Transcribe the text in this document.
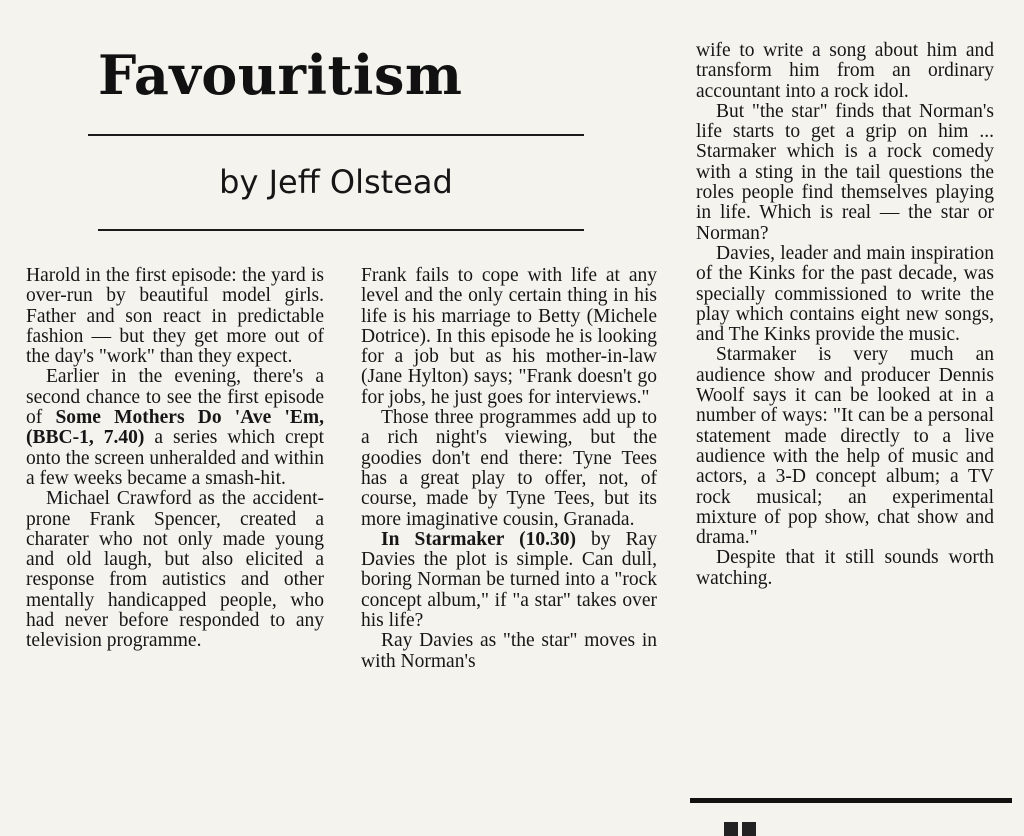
Favouritism
by Jeff Olstead

Harold in the first episode: the yard is over-run by beautiful model girls. Father and son react in predictable fashion — but they get more out of the day's "work" than they expect.

Earlier in the evening, there's a second chance to see the first episode of Some Mothers Do 'Ave 'Em, (BBC-1, 7.40) a series which crept onto the screen unheralded and within a few weeks became a smash-hit.

Michael Crawford as the accident-prone Frank Spencer, created a charater who not only made young and old laugh, but also elicited a response from autistics and other mentally handicapped people, who had never before responded to any television programme.

Frank fails to cope with life at any level and the only certain thing in his life is his marriage to Betty (Michele Dotrice). In this episode he is looking for a job but as his mother-in-law (Jane Hylton) says; "Frank doesn't go for jobs, he just goes for interviews."

Those three programmes add up to a rich night's viewing, but the goodies don't end there: Tyne Tees has a great play to offer, not, of course, made by Tyne Tees, but its more imaginative cousin, Granada.

In Starmaker (10.30) by Ray Davies the plot is simple. Can dull, boring Norman be turned into a "rock concept album," if "a star" takes over his life?

Ray Davies as "the star" moves in with Norman's

wife to write a song about him and transform him from an ordinary accountant into a rock idol.

But "the star" finds that Norman's life starts to get a grip on him ... Starmaker which is a rock comedy with a sting in the tail questions the roles people find themselves playing in life. Which is real — the star or Norman?

Davies, leader and main inspiration of the Kinks for the past decade, was specially commissioned to write the play which contains eight new songs, and The Kinks provide the music.

Starmaker is very much an audience show and producer Dennis Woolf says it can be looked at in a number of ways: "It can be a personal statement made directly to a live audience with the help of music and actors, a 3-D concept album; a TV rock musical; an experimental mixture of pop show, chat show and drama."

Despite that it still sounds worth watching.
